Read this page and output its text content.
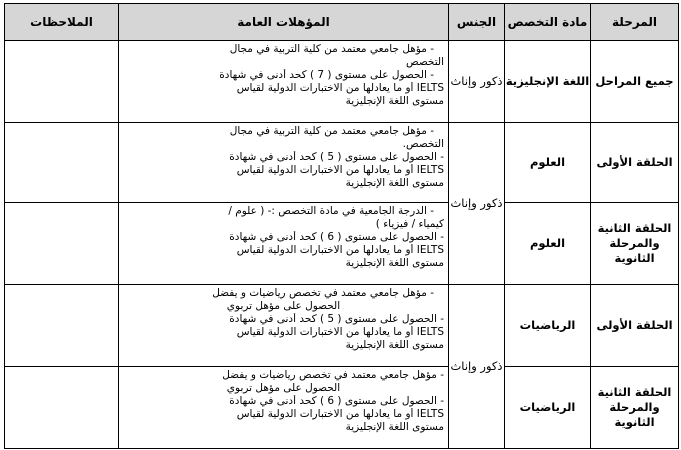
المرحلة	مادة التخصص	الجنس	المؤهلات العامة	الملاحظات

جميع المراحل	اللغة الإنجليزية	ذكور وإناث	- مؤهل جامعي معتمد من كلية التربية في مجال
التخصص
- الحصول على مستوى ( 7 ) كحد أدنى في شهادة
IELTS أو ما يعادلها من الاختبارات الدولية لقياس
مستوى اللغة الإنجليزية	

الحلقة الأولى	العلوم	ذكور وإناث	- مؤهل جامعي معتمد من كلية التربية في مجال
التخصص.
- الحصول على مستوى ( 5 ) كحد أدنى في شهادة
IELTS أو ما يعادلها من الاختبارات الدولية لقياس
مستوى اللغة الإنجليزية	

الحلقة الثانية والمرحلة الثانوية	العلوم		- الدرجة الجامعية في مادة التخصص :- ( علوم /
كيمياء / فيزياء )
- الحصول على مستوى ( 6 ) كحد أدنى في شهادة
IELTS أو ما يعادلها من الاختبارات الدولية لقياس
مستوى اللغة الإنجليزية	

الحلقة الأولى	الرياضيات	ذكور وإناث	- مؤهل جامعي معتمد في تخصص رياضيات و يفضل
الحصول على مؤهل تربوي
- الحصول على مستوى ( 5 ) كحد أدنى في شهادة
IELTS أو ما يعادلها من الاختبارات الدولية لقياس
مستوى اللغة الإنجليزية	

الحلقة الثانية والمرحلة الثانوية	الرياضيات		- مؤهل جامعي معتمد في تخصص رياضيات و يفضل
الحصول على مؤهل تربوي
- الحصول على مستوى ( 6 ) كحد أدنى في شهادة
IELTS أو ما يعادلها من الاختبارات الدولية لقياس
مستوى اللغة الإنجليزية	
